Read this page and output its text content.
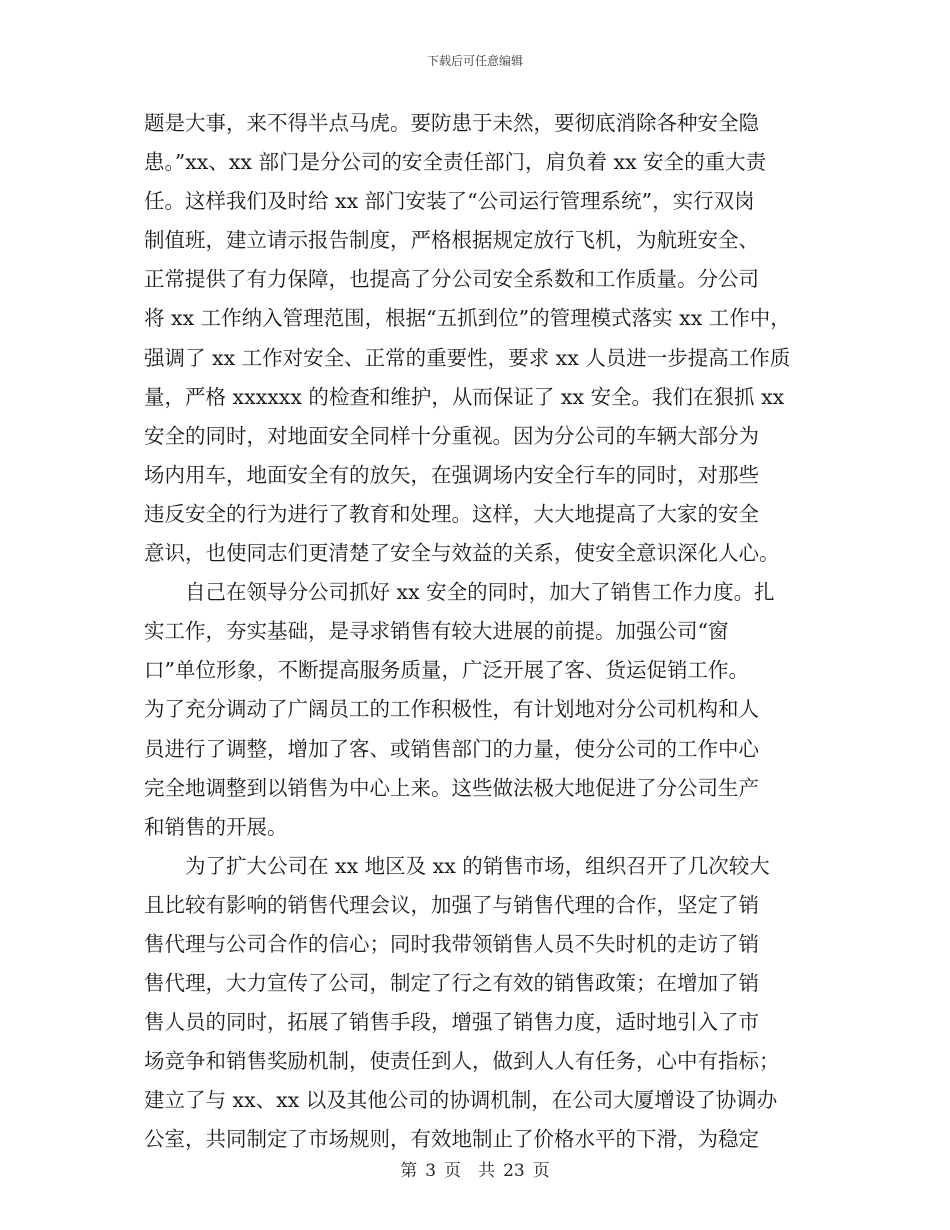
下载后可任意编辑
题是大事，来不得半点马虎。要防患于未然，要彻底消除各种安全隐
患。”xx、xx 部门是分公司的安全责任部门，肩负着 xx 安全的重大责
任。这样我们及时给 xx 部门安装了“公司运行管理系统”，实行双岗
制值班，建立请示报告制度，严格根据规定放行飞机，为航班安全、
正常提供了有力保障，也提高了分公司安全系数和工作质量。分公司
将 xx 工作纳入管理范围，根据“五抓到位”的管理模式落实 xx 工作中，
强调了 xx 工作对安全、正常的重要性，要求 xx 人员进一步提高工作质
量，严格 xxxxxx 的检查和维护，从而保证了 xx 安全。我们在狠抓 xx
安全的同时，对地面安全同样十分重视。因为分公司的车辆大部分为
场内用车，地面安全有的放矢，在强调场内安全行车的同时，对那些
违反安全的行为进行了教育和处理。这样，大大地提高了大家的安全
意识，也使同志们更清楚了安全与效益的关系，使安全意识深化人心。
　　自己在领导分公司抓好 xx 安全的同时，加大了销售工作力度。扎
实工作，夯实基础，是寻求销售有较大进展的前提。加强公司“窗
口”单位形象，不断提高服务质量，广泛开展了客、货运促销工作。
为了充分调动了广阔员工的工作积极性，有计划地对分公司机构和人
员进行了调整，增加了客、或销售部门的力量，使分公司的工作中心
完全地调整到以销售为中心上来。这些做法极大地促进了分公司生产
和销售的开展。
　　为了扩大公司在 xx 地区及 xx 的销售市场，组织召开了几次较大
且比较有影响的销售代理会议，加强了与销售代理的合作，坚定了销
售代理与公司合作的信心；同时我带领销售人员不失时机的走访了销
售代理，大力宣传了公司，制定了行之有效的销售政策；在增加了销
售人员的同时，拓展了销售手段，增强了销售力度，适时地引入了市
场竞争和销售奖励机制，使责任到人，做到人人有任务，心中有指标；
建立了与 xx、xx 以及其他公司的协调机制，在公司大厦增设了协调办
公室，共同制定了市场规则，有效地制止了价格水平的下滑，为稳定
第 3 页　共 23 页
